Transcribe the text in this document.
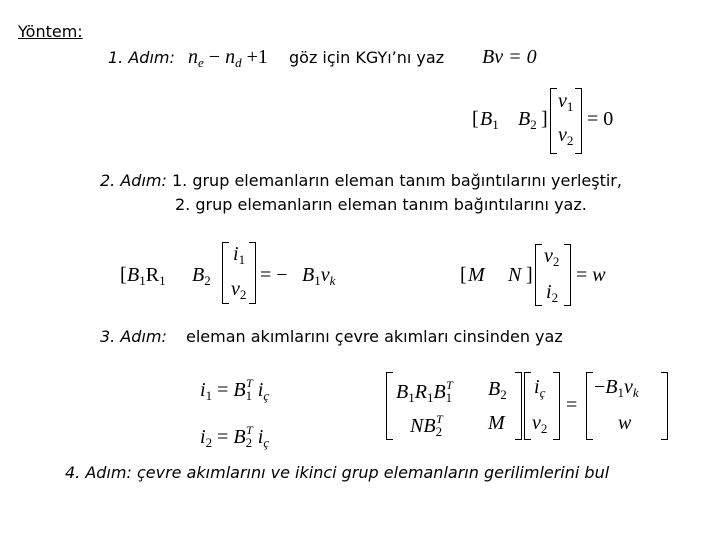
Yöntem:
1. Adım: $n_e - n_d +1$ göz için KGYı’nı yaz Bv = 0
[ $B_1$ $B_2$ ]
$v_1$
$v_2$
= 0
2. Adım: 1. grup elemanların eleman tanım bağıntılarını yerleştir,
2. grup elemanların eleman tanım bağıntılarını yaz.
[ $B_1R_1$ $B_2$
$i_1$
$v_2$
= − $B_1v_k$	[ M N ]
$v_2$
$i_2$
= w
3. Adım: eleman akımlarını çevre akımları cinsinden yaz
$i_1 = B_1^T$ $i_ç$
$i_2 = B_2^T$ $i_ç$
$B_1R_1B_1^T$ $B_2$
$NB_2^T$ M
$i_ç$
$v_2$
=
$-B_1v_k$
w
4. Adım: çevre akımlarını ve ikinci grup elemanların gerilimlerini bul
